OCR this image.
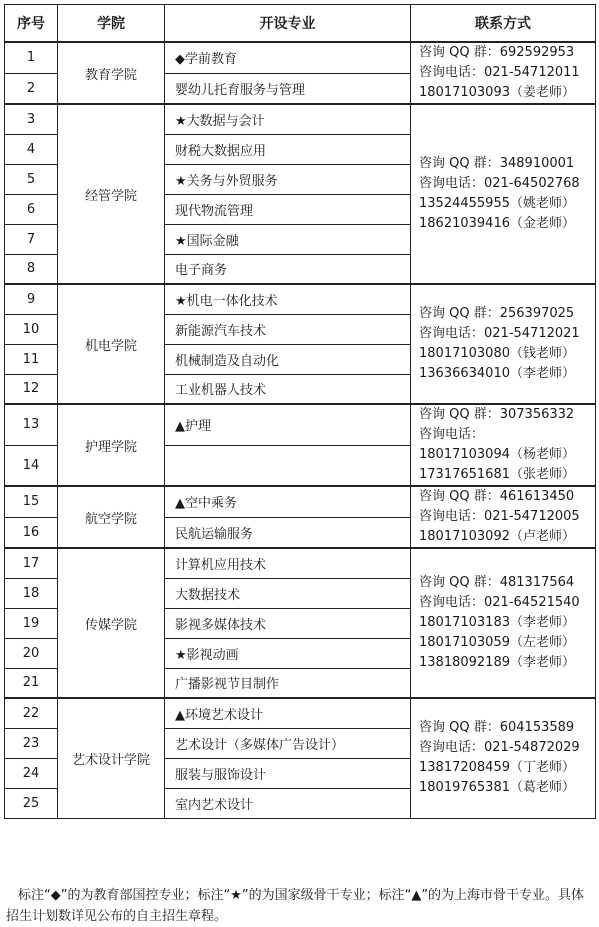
序号	学院	开设专业	联系方式
1	教育学院	◆学前教育	咨询 QQ 群：692592953
咨询电话：021-54712011
18017103093（姜老师）

2		婴幼儿托育服务与管理	
3	经管学院	★大数据与会计	咨询 QQ 群：348910001
咨询电话：021-64502768
13524455955（姚老师）
18621039416（金老师）

4		财税大数据应用	
5		★关务与外贸服务	
6		现代物流管理	
7		★国际金融	
8		电子商务	
9	机电学院	★机电一体化技术	咨询 QQ 群：256397025
咨询电话：021-54712021
18017103080（钱老师）
13636634010（李老师）

10		新能源汽车技术	
11		机械制造及自动化	
12		工业机器人技术	
13	护理学院	▲护理	咨询 QQ 群：307356332
咨询电话：
18017103094（杨老师）
17317651681（张老师）

14			
15	航空学院	▲空中乘务	咨询 QQ 群：461613450
咨询电话：021-54712005
18017103092（卢老师）

16		民航运输服务	
17	传媒学院	计算机应用技术	咨询 QQ 群：481317564
咨询电话：021-64521540
18017103183（李老师）
18017103059（左老师）
13818092189（李老师）

18		大数据技术	
19		影视多媒体技术	
20		★影视动画	
21		广播影视节目制作	
22	艺术设计学院	▲环境艺术设计	咨询 QQ 群：604153589
咨询电话：021-54872029
13817208459（丁老师）
18019765381（葛老师）

23		艺术设计（多媒体广告设计）	
24		服装与服饰设计	
25		室内艺术设计	

标注“◆”的为教育部国控专业；标注“★”的为国家级骨干专业；标注“▲”的为上海市骨干专业。具体招生计划数详见公布的自主招生章程。
